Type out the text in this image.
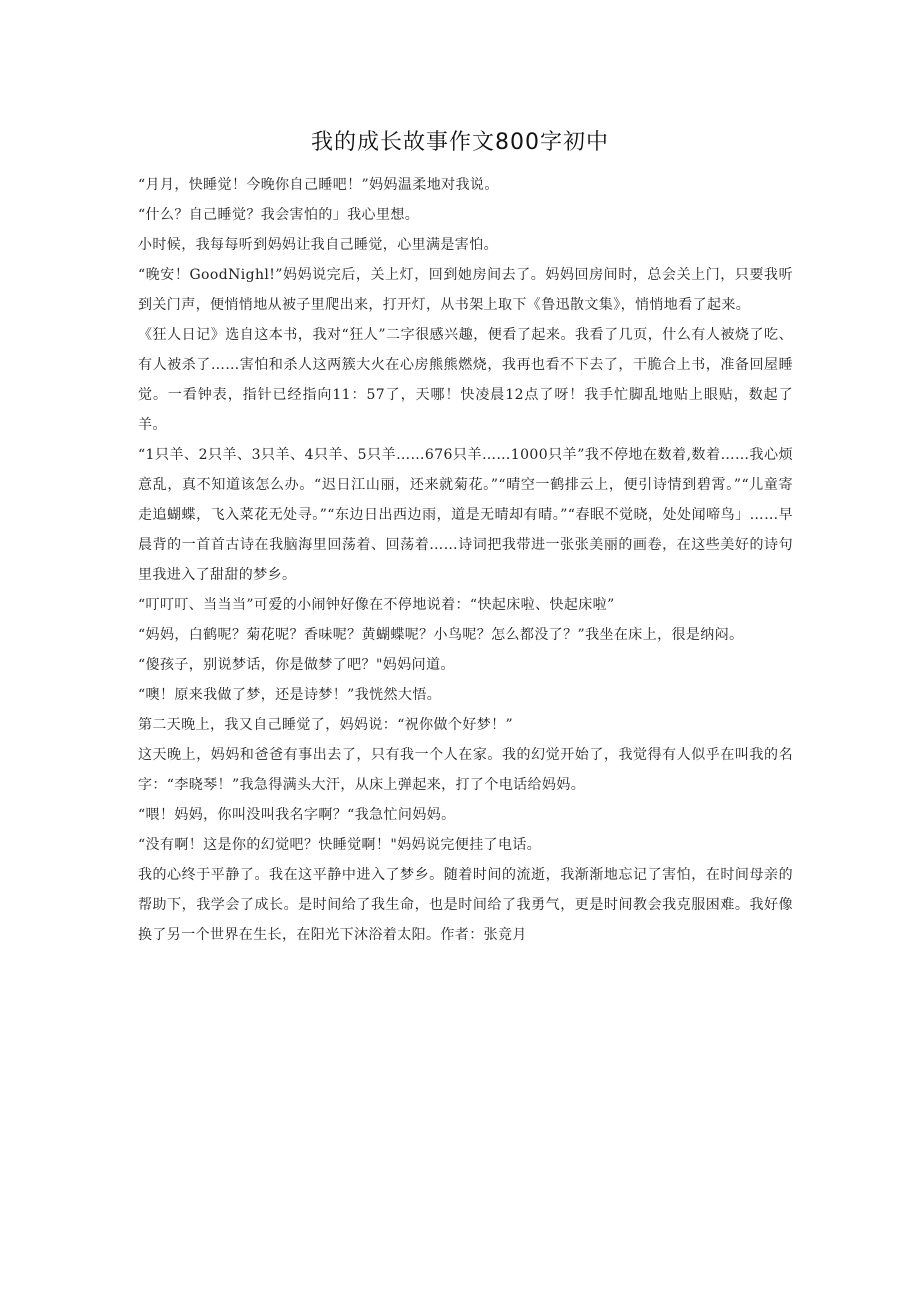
我的成长故事作文800字初中

“月月，快睡觉！今晚你自己睡吧！”妈妈温柔地对我说。

“什么？自己睡觉？我会害怕的」我心里想。

小时候，我每每听到妈妈让我自己睡觉，心里满是害怕。

“晚安！GoodNighl!”妈妈说完后，关上灯，回到她房间去了。妈妈回房间时，总会关上门，只要我听到关门声，便悄悄地从被子里爬出来，打开灯，从书架上取下《鲁迅散文集》，悄悄地看了起来。

《狂人日记》选自这本书，我对“狂人”二字很感兴趣，便看了起来。我看了几页，什么有人被烧了吃、有人被杀了……害怕和杀人这两簇大火在心房熊熊燃烧，我再也看不下去了，干脆合上书，准备回屋睡觉。一看钟表，指针已经指向11：57了，天哪！快凌晨12点了呀！我手忙脚乱地贴上眼贴，数起了羊。

“1只羊、2只羊、3只羊、4只羊、5只羊……676只羊……1000只羊”我不停地在数着,数着……我心烦意乱，真不知道该怎么办。“迟日江山丽，还来就菊花。”“晴空一鹤排云上，便引诗情到碧霄。”“儿童寄走追蝴蝶，飞入菜花无处寻。”“东边日出西边雨，道是无晴却有晴。”“春眠不觉晓，处处闻啼鸟」……早晨背的一首首古诗在我脑海里回荡着、回荡着……诗词把我带进一张张美丽的画卷，在这些美好的诗句里我进入了甜甜的梦乡。

“叮叮叮、当当当”可爱的小闹钟好像在不停地说着：“快起床啦、快起床啦”

“妈妈，白鹤呢？菊花呢？香味呢？黄蝴蝶呢？小鸟呢？怎么都没了？”我坐在床上，很是纳闷。

“傻孩子，别说梦话，你是做梦了吧？"妈妈问道。

“噢！原来我做了梦，还是诗梦！”我恍然大悟。

第二天晚上，我又自己睡觉了，妈妈说：“祝你做个好梦！”

这天晚上，妈妈和爸爸有事出去了，只有我一个人在家。我的幻觉开始了，我觉得有人似乎在叫我的名字：“李晓琴！”我急得满头大汗，从床上弹起来，打了个电话给妈妈。

“喂！妈妈，你叫没叫我名字啊？“我急忙问妈妈。

“没有啊！这是你的幻觉吧？快睡觉啊！"妈妈说完便挂了电话。

我的心终于平静了。我在这平静中进入了梦乡。随着时间的流逝，我渐渐地忘记了害怕，在时间母亲的帮助下，我学会了成长。是时间给了我生命，也是时间给了我勇气，更是时间教会我克服困难。我好像换了另一个世界在生长，在阳光下沐浴着太阳。作者：张竞月
